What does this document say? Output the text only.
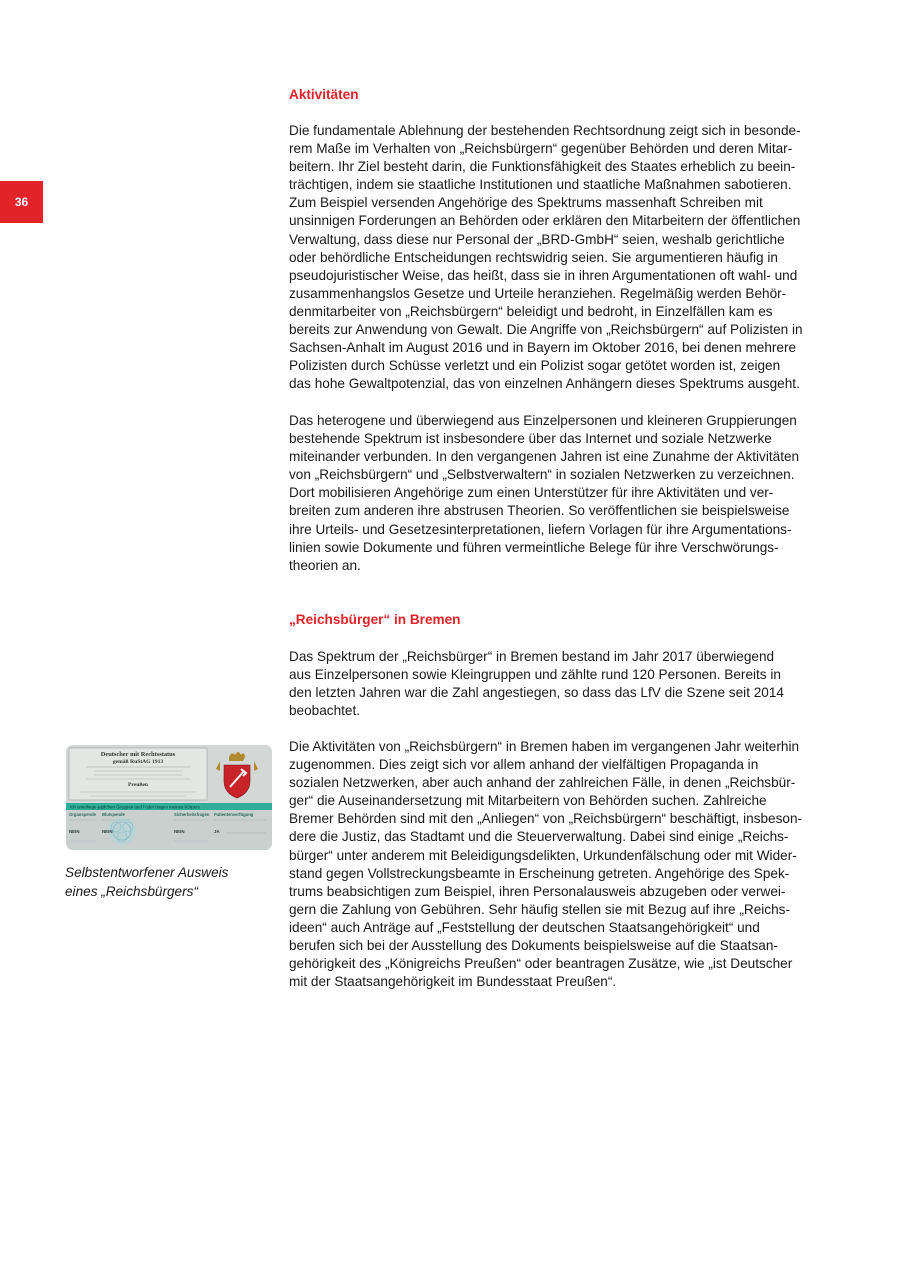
36
Aktivitäten

Die fundamentale Ablehnung der bestehenden Rechtsordnung zeigt sich in besonde-
rem Maße im Verhalten von „Reichsbürgern“ gegenüber Behörden und deren Mitar-
beitern. Ihr Ziel besteht darin, die Funktionsfähigkeit des Staates erheblich zu beein-
trächtigen, indem sie staatliche Institutionen und staatliche Maßnahmen sabotieren.
Zum Beispiel versenden Angehörige des Spektrums massenhaft Schreiben mit
unsinnigen Forderungen an Behörden oder erklären den Mitarbeitern der öffentlichen
Verwaltung, dass diese nur Personal der „BRD-GmbH“ seien, weshalb gerichtliche
oder behördliche Entscheidungen rechtswidrig seien. Sie argumentieren häufig in
pseudojuristischer Weise, das heißt, dass sie in ihren Argumentationen oft wahl- und
zusammenhangslos Gesetze und Urteile heranziehen. Regelmäßig werden Behör-
denmitarbeiter von „Reichsbürgern“ beleidigt und bedroht, in Einzelfällen kam es
bereits zur Anwendung von Gewalt. Die Angriffe von „Reichsbürgern“ auf Polizisten in
Sachsen-Anhalt im August 2016 und in Bayern im Oktober 2016, bei denen mehrere
Polizisten durch Schüsse verletzt und ein Polizist sogar getötet worden ist, zeigen
das hohe Gewaltpotenzial, das von einzelnen Anhängern dieses Spektrums ausgeht.

Das heterogene und überwiegend aus Einzelpersonen und kleineren Gruppierungen
bestehende Spektrum ist insbesondere über das Internet und soziale Netzwerke
miteinander verbunden. In den vergangenen Jahren ist eine Zunahme der Aktivitäten
von „Reichsbürgern“ und „Selbstverwaltern“ in sozialen Netzwerken zu verzeichnen.
Dort mobilisieren Angehörige zum einen Unterstützer für ihre Aktivitäten und ver-
breiten zum anderen ihre abstrusen Theorien. So veröffentlichen sie beispielsweise
ihre Urteils- und Gesetzesinterpretationen, liefern Vorlagen für ihre Argumentations-
linien sowie Dokumente und führen vermeintliche Belege für ihre Verschwörungs-
theorien an.

„Reichsbürger“ in Bremen

Das Spektrum der „Reichsbürger“ in Bremen bestand im Jahr 2017 überwiegend
aus Einzelpersonen sowie Kleingruppen und zählte rund 120 Personen. Bereits in
den letzten Jahren war die Zahl angestiegen, so dass das LfV die Szene seit 2014
beobachtet.

Die Aktivitäten von „Reichsbürgern“ in Bremen haben im vergangenen Jahr weiterhin
zugenommen. Dies zeigt sich vor allem anhand der vielfältigen Propaganda in
sozialen Netzwerken, aber auch anhand der zahlreichen Fälle, in denen „Reichsbür-
ger“ die Auseinandersetzung mit Mitarbeitern von Behörden suchen. Zahlreiche
Bremer Behörden sind mit den „Anliegen“ von „Reichsbürgern“ beschäftigt, insbeson-
dere die Justiz, das Stadtamt und die Steuerverwaltung. Dabei sind einige „Reichs-
bürger“ unter anderem mit Beleidigungsdelikten, Urkundenfälschung oder mit Wider-
stand gegen Vollstreckungsbeamte in Erscheinung getreten. Angehörige des Spek-
trums beabsichtigen zum Beispiel, ihren Personalausweis abzugeben oder verwei-
gern die Zahlung von Gebühren. Sehr häufig stellen sie mit Bezug auf ihre „Reichs-
ideen“ auch Anträge auf „Feststellung der deutschen Staatsangehörigkeit“ und
berufen sich bei der Ausstellung des Dokuments beispielsweise auf die Staatsan-
gehörigkeit des „Königreichs Preußen“ oder beantragen Zusätze, wie „ist Deutscher
mit der Staatsangehörigkeit im Bundesstaat Preußen“.

Deutscher mit Rechtsstatus
gemäß RuStAG 1913
Preußen
Ich unterliege jeglichen Gruppen und / oder tragen meines Körpers
Organspende Blutspende	Sicherheitsfragen Patientenverfügung
NEIN	NEIN	NEIN	JA
Selbstentworfener Ausweis
eines „Reichsbürgers“
